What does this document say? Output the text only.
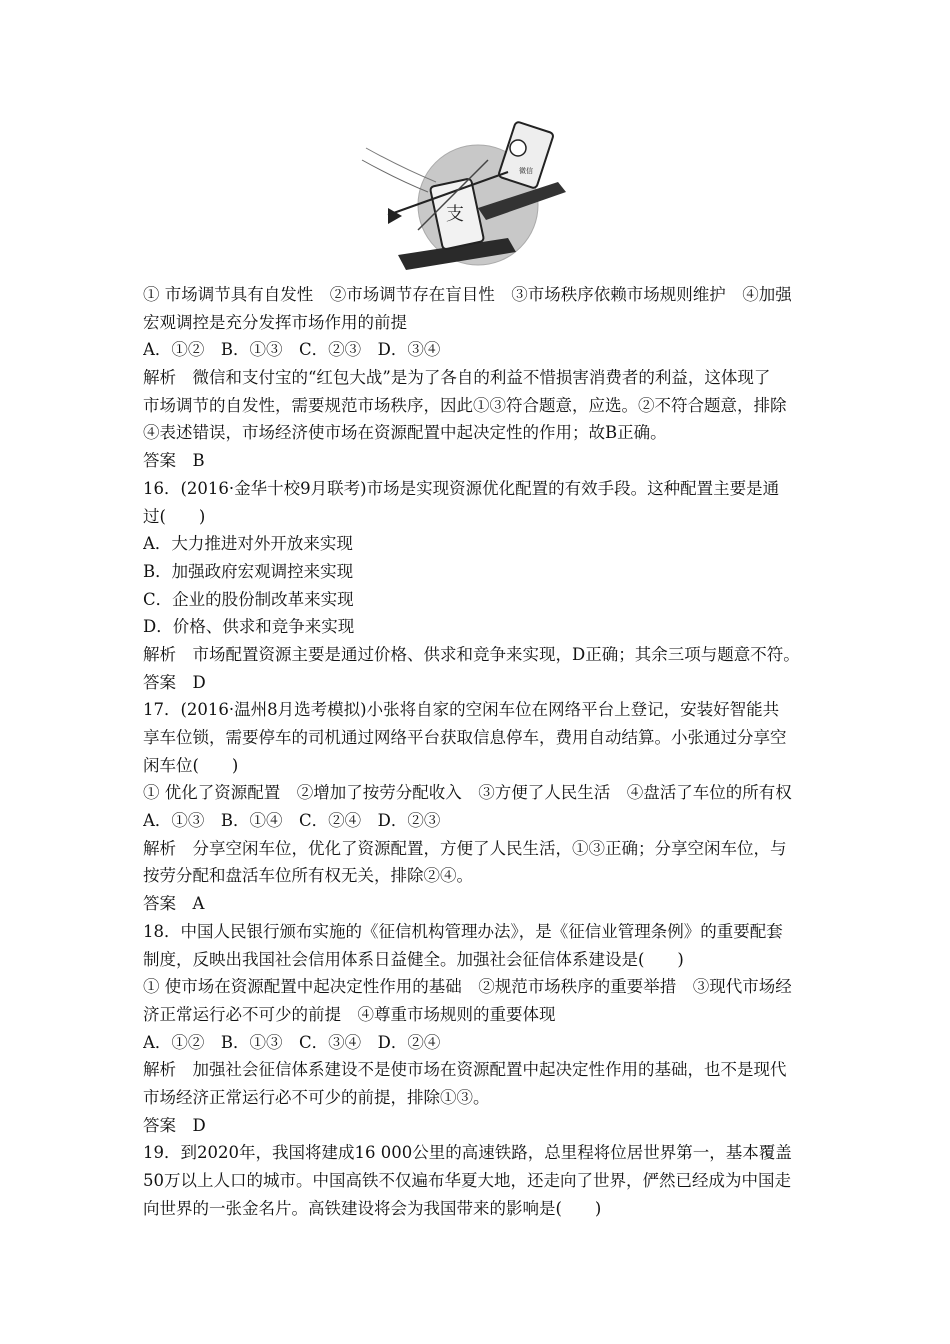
微信
支
① 市场调节具有自发性　②市场调节存在盲目性　③市场秩序依赖市场规则维护　④加强
宏观调控是充分发挥市场作用的前提
A．①②　B．①③　C．②③　D．③④
解析　微信和支付宝的“红包大战”是为了各自的利益不惜损害消费者的利益，这体现了
市场调节的自发性，需要规范市场秩序，因此①③符合题意，应选。②不符合题意，排除
④表述错误，市场经济使市场在资源配置中起决定性的作用；故B正确。
答案　B
16．(2016·金华十校9月联考)市场是实现资源优化配置的有效手段。这种配置主要是通
过(　　)
A．大力推进对外开放来实现
B．加强政府宏观调控来实现
C．企业的股份制改革来实现
D．价格、供求和竞争来实现
解析　市场配置资源主要是通过价格、供求和竞争来实现，D正确；其余三项与题意不符。
答案　D
17．(2016·温州8月选考模拟)小张将自家的空闲车位在网络平台上登记，安装好智能共
享车位锁，需要停车的司机通过网络平台获取信息停车，费用自动结算。小张通过分享空
闲车位(　　)
① 优化了资源配置　②增加了按劳分配收入　③方便了人民生活　④盘活了车位的所有权
A．①③　B．①④　C．②④　D．②③
解析　分享空闲车位，优化了资源配置，方便了人民生活，①③正确；分享空闲车位，与
按劳分配和盘活车位所有权无关，排除②④。
答案　A
18．中国人民银行颁布实施的《征信机构管理办法》，是《征信业管理条例》的重要配套
制度，反映出我国社会信用体系日益健全。加强社会征信体系建设是(　　)
① 使市场在资源配置中起决定性作用的基础　②规范市场秩序的重要举措　③现代市场经
济正常运行必不可少的前提　④尊重市场规则的重要体现
A．①②　B．①③　C．③④　D．②④
解析　加强社会征信体系建设不是使市场在资源配置中起决定性作用的基础，也不是现代
市场经济正常运行必不可少的前提，排除①③。
答案　D
19．到2020年，我国将建成16 000公里的高速铁路，总里程将位居世界第一，基本覆盖
50万以上人口的城市。中国高铁不仅遍布华夏大地，还走向了世界，俨然已经成为中国走
向世界的一张金名片。高铁建设将会为我国带来的影响是(　　)
